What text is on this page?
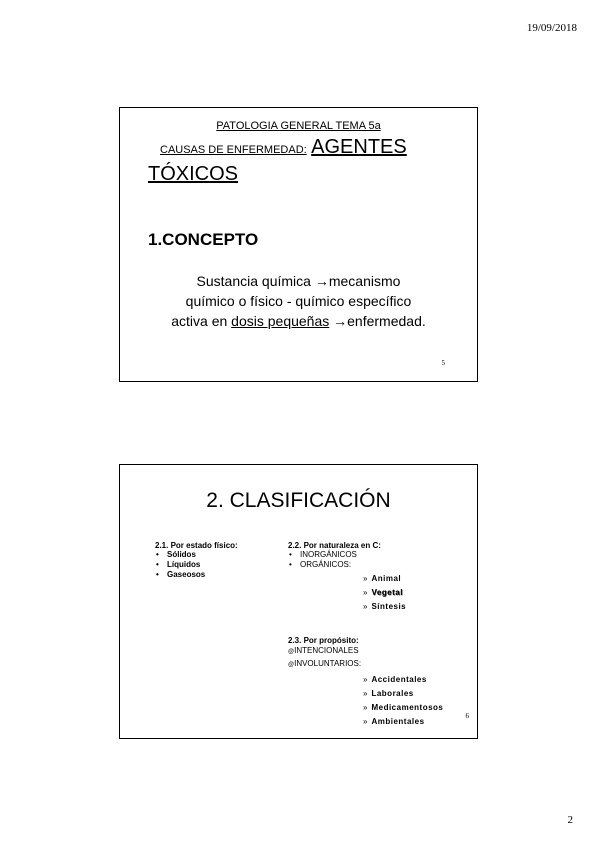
19/09/2018
PATOLOGIA GENERAL TEMA 5a
CAUSAS DE ENFERMEDAD: AGENTES
TÓXICOS
1.CONCEPTO
Sustancia química →mecanismo
químico o físico - químico específico
activa en dosis pequeñas →enfermedad.
5
2. CLASIFICACIÓN
2.1. Por estado físico:
• Sólidos
• Líquidos
• Gaseosos
2.2. Por naturaleza en C:
• INORGÁNICOS
• ORGÁNICOS:
» Animal
» Vegetal
» Síntesis
2.3. Por propósito:
@INTENCIONALES
@INVOLUNTARIOS:
» Accidentales
» Laborales
» Medicamentosos
» Ambientales
6
2
